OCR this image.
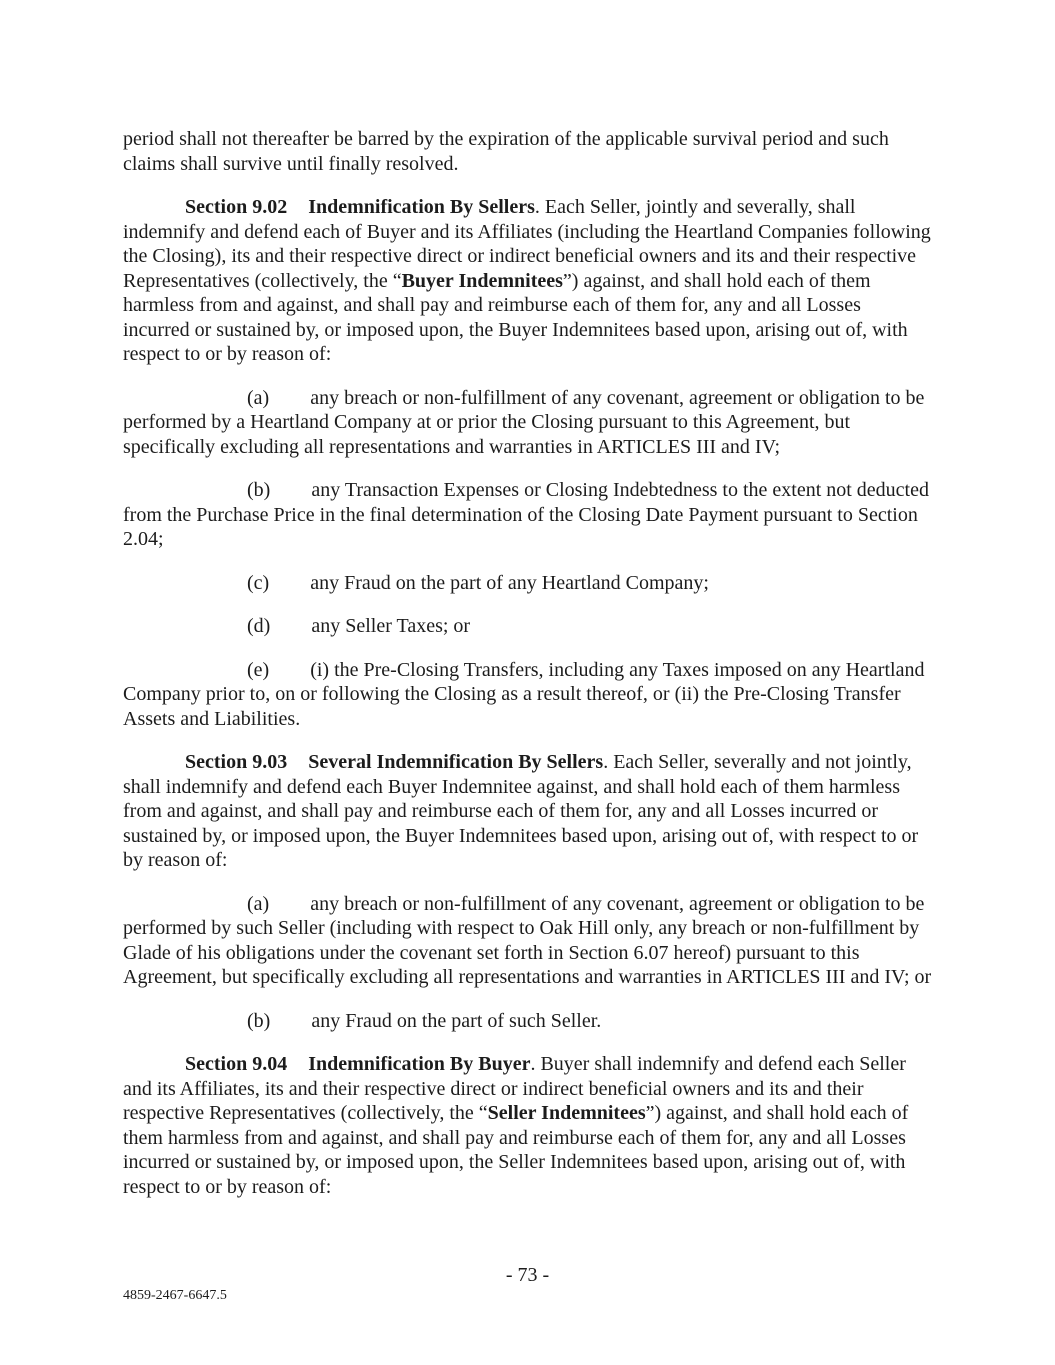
period shall not thereafter be barred by the expiration of the applicable survival period and such claims shall survive until finally resolved.

Section 9.02 Indemnification By Sellers. Each Seller, jointly and severally, shall indemnify and defend each of Buyer and its Affiliates (including the Heartland Companies following the Closing), its and their respective direct or indirect beneficial owners and its and their respective Representatives (collectively, the “Buyer Indemnitees”) against, and shall hold each of them harmless from and against, and shall pay and reimburse each of them for, any and all Losses incurred or sustained by, or imposed upon, the Buyer Indemnitees based upon, arising out of, with respect to or by reason of:

(a) any breach or non-fulfillment of any covenant, agreement or obligation to be performed by a Heartland Company at or prior the Closing pursuant to this Agreement, but specifically excluding all representations and warranties in ARTICLES III and IV;

(b) any Transaction Expenses or Closing Indebtedness to the extent not deducted from the Purchase Price in the final determination of the Closing Date Payment pursuant to Section 2.04;

(c) any Fraud on the part of any Heartland Company;

(d) any Seller Taxes; or

(e) (i) the Pre-Closing Transfers, including any Taxes imposed on any Heartland Company prior to, on or following the Closing as a result thereof, or (ii) the Pre-Closing Transfer Assets and Liabilities.

Section 9.03 Several Indemnification By Sellers. Each Seller, severally and not jointly, shall indemnify and defend each Buyer Indemnitee against, and shall hold each of them harmless from and against, and shall pay and reimburse each of them for, any and all Losses incurred or sustained by, or imposed upon, the Buyer Indemnitees based upon, arising out of, with respect to or by reason of:

(a) any breach or non-fulfillment of any covenant, agreement or obligation to be performed by such Seller (including with respect to Oak Hill only, any breach or non-fulfillment by Glade of his obligations under the covenant set forth in Section 6.07 hereof) pursuant to this Agreement, but specifically excluding all representations and warranties in ARTICLES III and IV; or

(b) any Fraud on the part of such Seller.

Section 9.04 Indemnification By Buyer. Buyer shall indemnify and defend each Seller and its Affiliates, its and their respective direct or indirect beneficial owners and its and their respective Representatives (collectively, the “Seller Indemnitees”) against, and shall hold each of them harmless from and against, and shall pay and reimburse each of them for, any and all Losses incurred or sustained by, or imposed upon, the Seller Indemnitees based upon, arising out of, with respect to or by reason of:

- 73 -
4859-2467-6647.5
